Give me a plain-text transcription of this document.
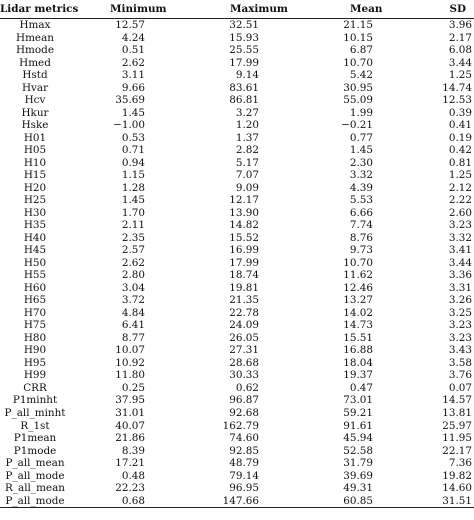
Lidar metrics	Minimum	Maximum	Mean	SD
Hmax	12.57	32.51	21.15	3.96
Hmean	4.24	15.93	10.15	2.17
Hmode	0.51	25.55	6.87	6.08
Hmed	2.62	17.99	10.70	3.44
Hstd	3.11	9.14	5.42	1.25
Hvar	9.66	83.61	30.95	14.74
Hcv	35.69	86.81	55.09	12.53
Hkur	1.45	3.27	1.99	0.39
Hske	−1.00	1.20	−0.21	0.41
H01	0.53	1.37	0.77	0.19
H05	0.71	2.82	1.45	0.42
H10	0.94	5.17	2.30	0.81
H15	1.15	7.07	3.32	1.25
H20	1.28	9.09	4.39	2.12
H25	1.45	12.17	5.53	2.22
H30	1.70	13.90	6.66	2.60
H35	2.11	14.82	7.74	3.23
H40	2.35	15.52	8.76	3.32
H45	2.57	16.99	9.73	3.41
H50	2.62	17.99	10.70	3.44
H55	2.80	18.74	11.62	3.36
H60	3.04	19.81	12.46	3.31
H65	3.72	21.35	13.27	3.26
H70	4.84	22.78	14.02	3.25
H75	6.41	24.09	14.73	3.23
H80	8.77	26.05	15.51	3.23
H90	10.07	27.31	16.88	3.43
H95	10.92	28.68	18.04	3.58
H99	11.80	30.33	19.37	3.76
CRR	0.25	0.62	0.47	0.07
P1minht	37.95	96.87	73.01	14.57
P_all_minht	31.01	92.68	59.21	13.81
R_1st	40.07	162.79	91.61	25.97
P1mean	21.86	74.60	45.94	11.95
P1mode	8.39	92.85	52.58	22.17
P_all_mean	17.21	48.79	31.79	7.36
P_all_mode	0.48	79.14	39.69	19.82
R_all_mean	22.23	96.95	49.31	14.60
P_all_mode	0.68	147.66	60.85	31.51
